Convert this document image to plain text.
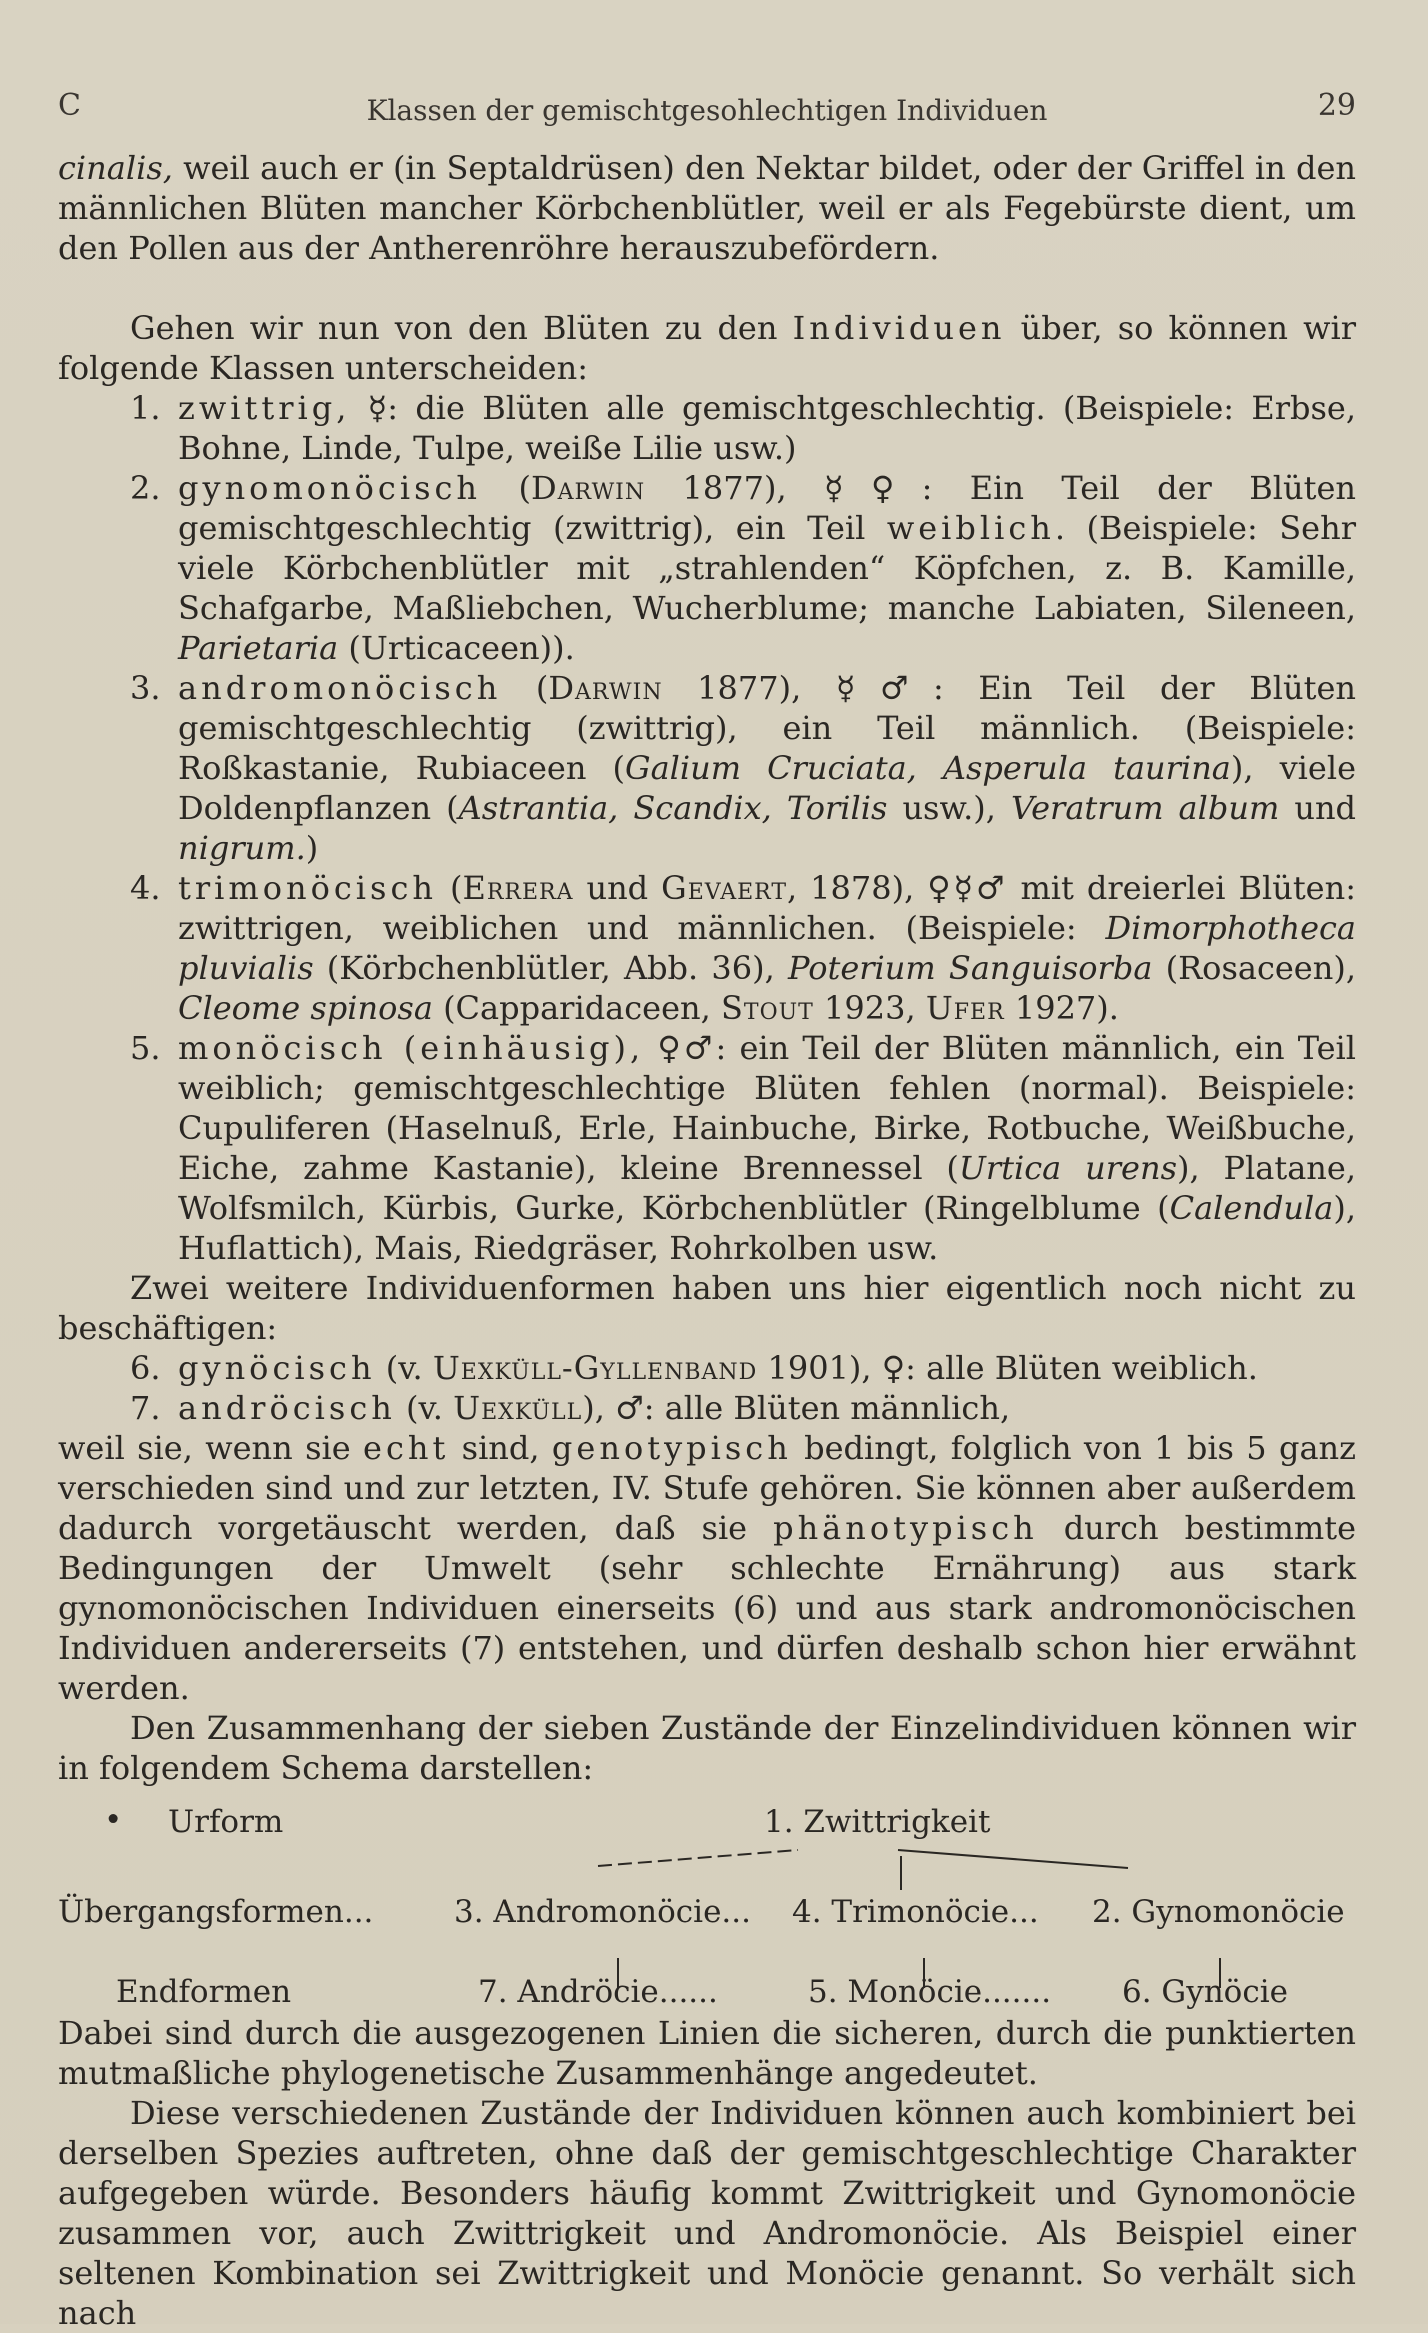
C	Klassen der gemischtgesohlechtigen Individuen	29

cinalis, weil auch er (in Septaldrüsen) den Nektar bildet, oder der Griffel in den männlichen Blüten mancher Körbchenblütler, weil er als Fegebürste dient, um den Pollen aus der Antherenröhre herauszubefördern.

Gehen wir nun von den Blüten zu den Individuen über, so können wir folgende Klassen unterscheiden:

1. zwittrig, ☿: die Blüten alle gemischtgeschlechtig. (Beispiele: Erbse, Bohne, Linde, Tulpe, weiße Lilie usw.)
2. gynomonöcisch (Darwin 1877), ☿♀: Ein Teil der Blüten gemischtgeschlechtig (zwittrig), ein Teil weiblich. (Beispiele: Sehr viele Körbchenblütler mit „strahlenden“ Köpfchen, z. B. Kamille, Schafgarbe, Maßliebchen, Wucherblume; manche Labiaten, Sileneen, Parietaria (Urticaceen)).
3. andromonöcisch (Darwin 1877), ☿♂: Ein Teil der Blüten gemischtgeschlechtig (zwittrig), ein Teil männlich. (Beispiele: Roßkastanie, Rubiaceen (Galium Cruciata, Asperula taurina), viele Doldenpflanzen (Astrantia, Scandix, Torilis usw.), Veratrum album und nigrum.)
4. trimonöcisch (Errera und Gevaert, 1878), ♀☿♂ mit dreierlei Blüten: zwittrigen, weiblichen und männlichen. (Beispiele: Dimorphotheca pluvialis (Körbchenblütler, Abb. 36), Poterium Sanguisorba (Rosaceen), Cleome spinosa (Capparidaceen, Stout 1923, Ufer 1927).
5. monöcisch (einhäusig), ♀♂: ein Teil der Blüten männlich, ein Teil weiblich; gemischtgeschlechtige Blüten fehlen (normal). Beispiele: Cupuliferen (Haselnuß, Erle, Hainbuche, Birke, Rotbuche, Weißbuche, Eiche, zahme Kastanie), kleine Brennessel (Urtica urens), Platane, Wolfsmilch, Kürbis, Gurke, Körbchenblütler (Ringelblume (Calendula), Huflattich), Mais, Riedgräser, Rohrkolben usw.

Zwei weitere Individuenformen haben uns hier eigentlich noch nicht zu beschäftigen:

6. gynöcisch (v. Uexküll-Gyllenband 1901), ♀: alle Blüten weiblich.
7. andröcisch (v. Uexküll), ♂: alle Blüten männlich,

weil sie, wenn sie echt sind, genotypisch bedingt, folglich von 1 bis 5 ganz verschieden sind und zur letzten, IV. Stufe gehören. Sie können aber außerdem dadurch vorgetäuscht werden, daß sie phänotypisch durch bestimmte Bedingungen der Umwelt (sehr schlechte Ernährung) aus stark gynomonöcischen Individuen einerseits (6) und aus stark andromonöcischen Individuen andererseits (7) entstehen, und dürfen deshalb schon hier erwähnt werden.

Den Zusammenhang der sieben Zustände der Einzelindividuen können wir in folgendem Schema darstellen:

• Urform	1. Zwittrigkeit
Übergangsformen...	3. Andromonöcie... 4. Trimonöcie... 2. Gynomonöcie
Endformen	7. Andröcie......	5. Monöcie....... 6. Gynöcie

Dabei sind durch die ausgezogenen Linien die sicheren, durch die punktierten mutmaßliche phylogenetische Zusammenhänge angedeutet.

Diese verschiedenen Zustände der Individuen können auch kombiniert bei derselben Spezies auftreten, ohne daß der gemischtgeschlechtige Charakter aufgegeben würde. Besonders häufig kommt Zwittrigkeit und Gynomonöcie zusammen vor, auch Zwittrigkeit und Andromonöcie. Als Beispiel einer seltenen Kombination sei Zwittrigkeit und Monöcie genannt. So verhält sich nach
